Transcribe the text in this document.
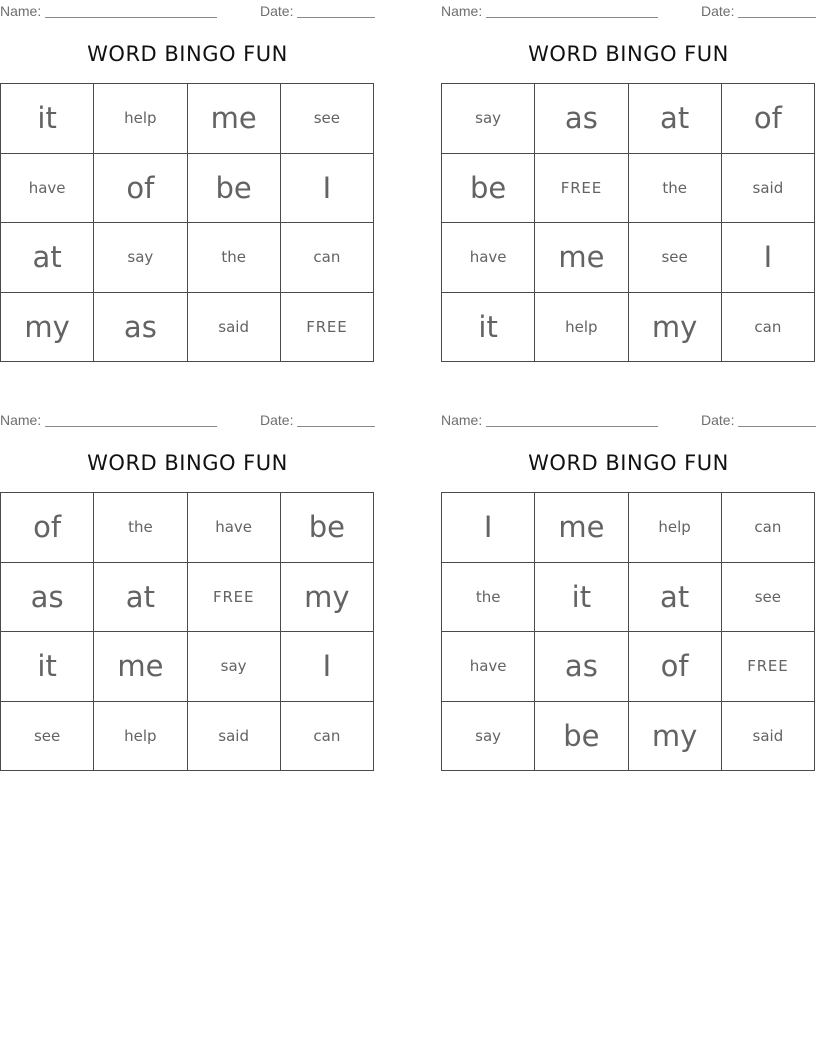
Name:	Date:
WORD BINGO FUN
it	help	me	see
have	of	be	I
at	say	the	can
my	as	said	FREE
Name:	Date:
WORD BINGO FUN
say	as	at	of
be	FREE	the	said
have	me	see	I
it	help	my	can
Name:	Date:
WORD BINGO FUN
of	the	have	be
as	at	FREE	my
it	me	say	I
see	help	said	can
Name:	Date:
WORD BINGO FUN
I	me	help	can
the	it	at	see
have	as	of	FREE
say	be	my	said
